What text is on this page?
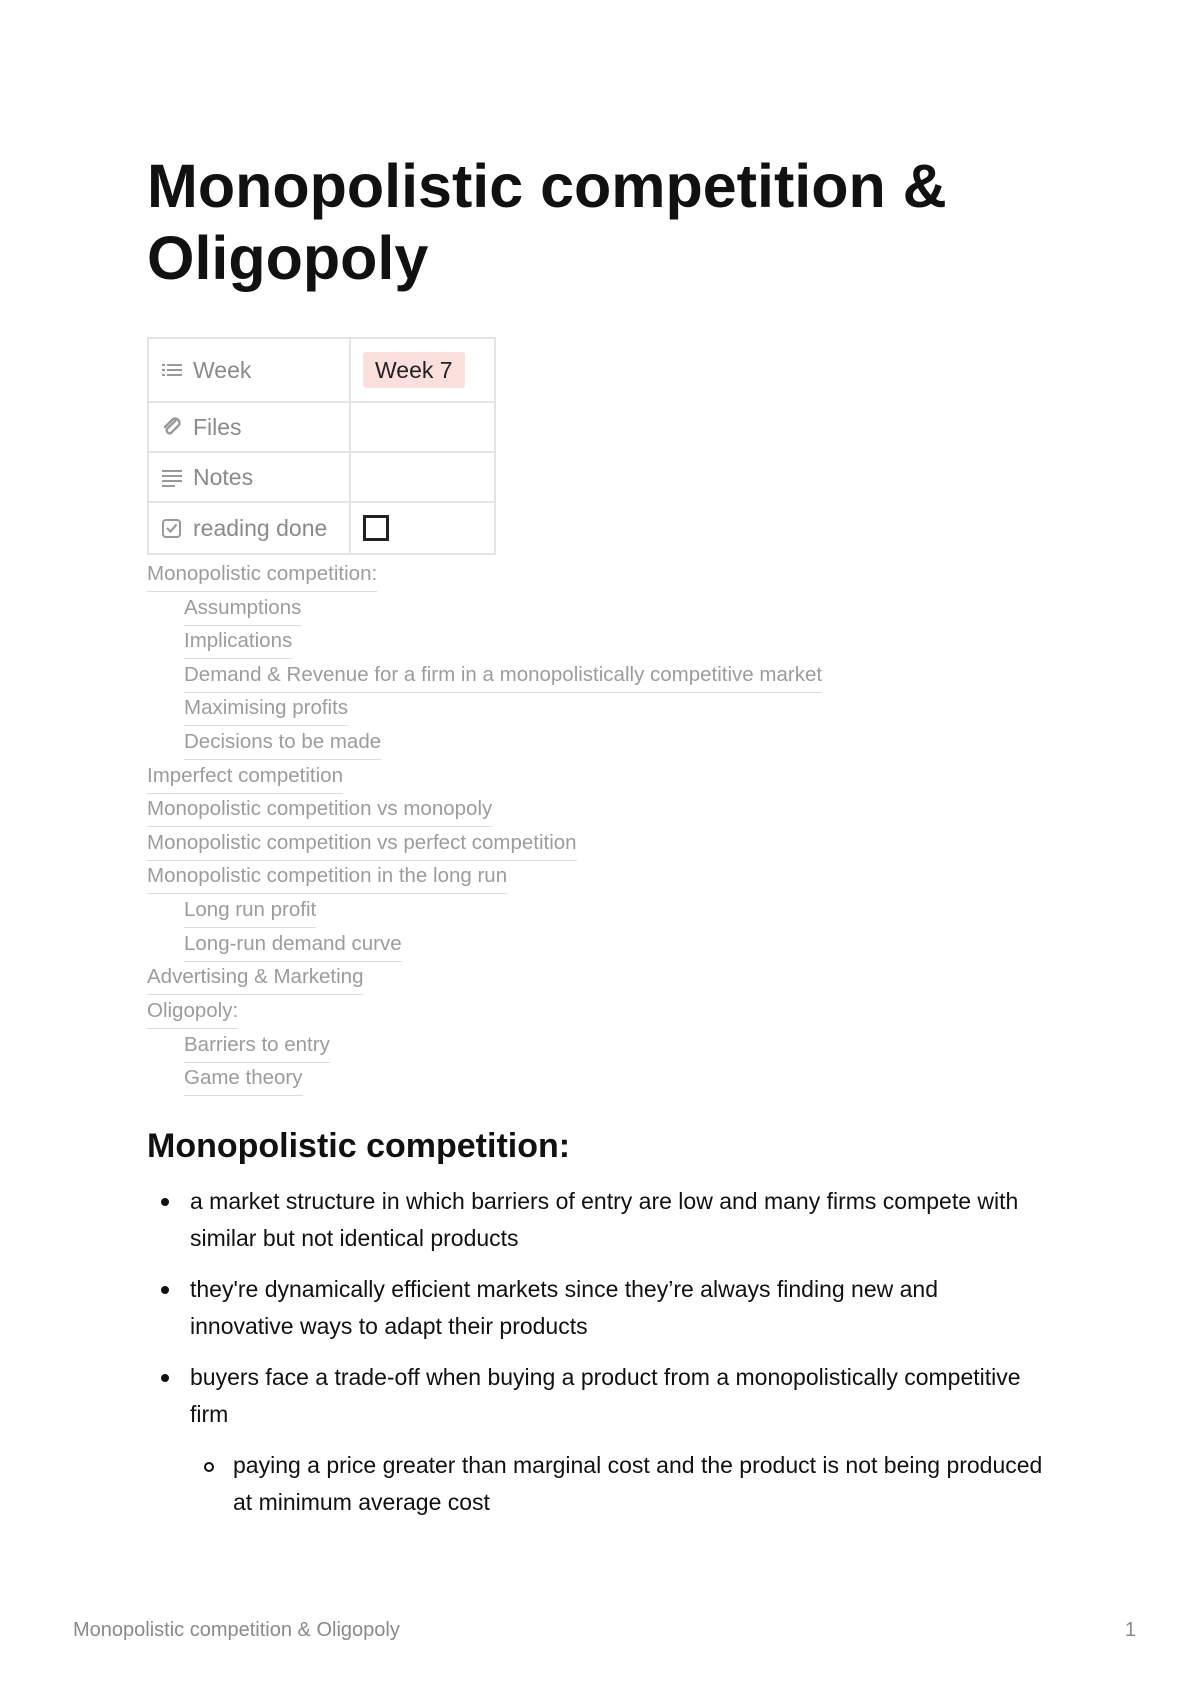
Monopolistic competition & Oligopoly
Week	Week 7

Files	

Notes	

reading done	

Monopolistic competition:
Assumptions
Implications
Demand & Revenue for a firm in a monopolistically competitive market
Maximising profits
Decisions to be made
Imperfect competition
Monopolistic competition vs monopoly
Monopolistic competition vs perfect competition
Monopolistic competition in the long run
Long run profit
Long-run demand curve
Advertising & Marketing
Oligopoly:
Barriers to entry
Game theory
Monopolistic competition:
a market structure in which barriers of entry are low and many firms compete with similar but not identical products
they're dynamically efficient markets since they’re always finding new and innovative ways to adapt their products
buyers face a trade-off when buying a product from a monopolistically competitive firm
paying a price greater than marginal cost and the product is not being produced at minimum average cost
Monopolistic competition & Oligopoly	1
